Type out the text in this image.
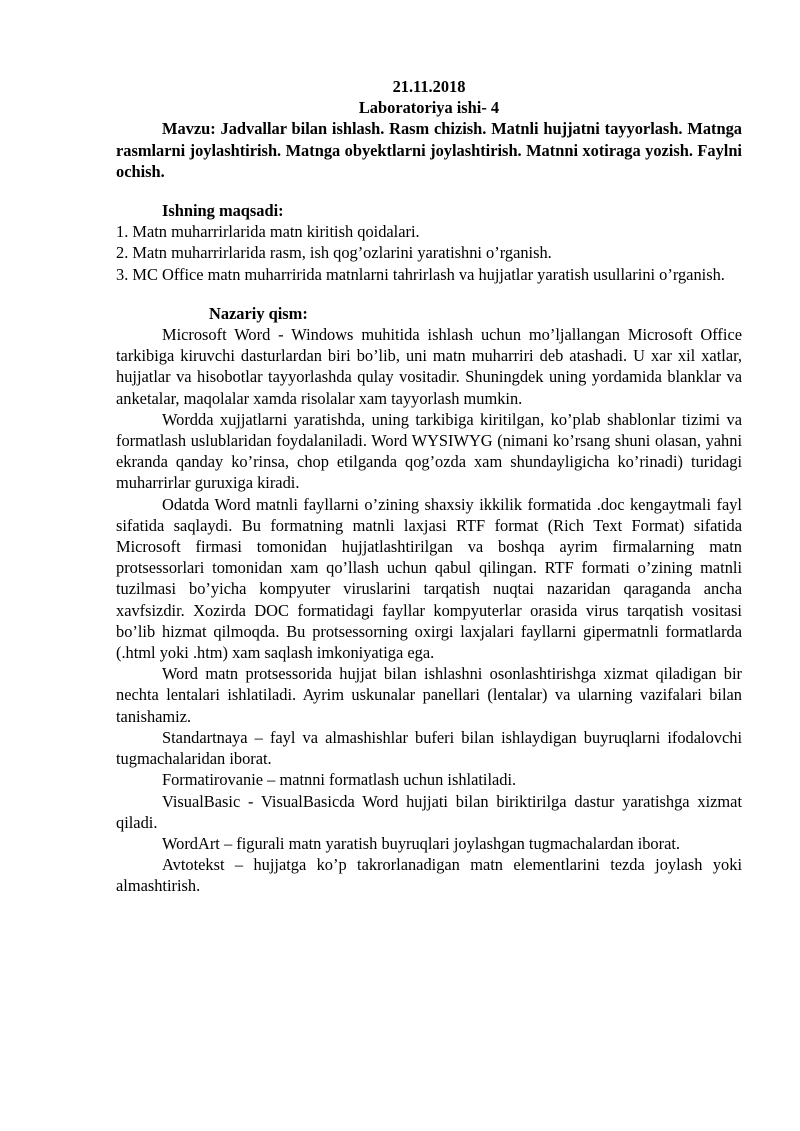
21.11.2018

Laboratoriya ishi- 4

Mavzu: Jadvallar bilan ishlash. Rasm chizish. Matnli hujjatni tayyorlash. Matnga rasmlarni joylashtirish. Matnga obyektlarni joylashtirish. Matnni xotiraga yozish. Faylni ochish.

Ishning maqsadi:

1. Matn muharrirlarida matn kiritish qoidalari.

2. Matn muharrirlarida rasm, ish qog’ozlarini yaratishni o’rganish.

3. MC Office matn muharririda matnlarni tahrirlash va hujjatlar yaratish usullarini o’rganish.

Nazariy qism:

Microsoft Word - Windows muhitida ishlash uchun mo’ljallangan Microsoft Office tarkibiga kiruvchi dasturlardan biri bo’lib, uni matn muharriri deb atashadi. U xar xil xatlar, hujjatlar va hisobotlar tayyorlashda qulay vositadir. Shuningdek uning yordamida blanklar va anketalar, maqolalar xamda risolalar xam tayyorlash mumkin.

Wordda xujjatlarni yaratishda, uning tarkibiga kiritilgan, ko’plab shablonlar tizimi va formatlash uslublaridan foydalaniladi. Word WYSIWYG (nimani ko’rsang shuni olasan, yahni ekranda qanday ko’rinsa, chop etilganda qog’ozda xam shundayligicha ko’rinadi) turidagi muharrirlar guruxiga kiradi.

Odatda Word matnli fayllarni o’zining shaxsiy ikkilik formatida .doc kengaytmali fayl sifatida saqlaydi. Bu formatning matnli laxjasi RTF format (Rich Text Format) sifatida Microsoft firmasi tomonidan hujjatlashtirilgan va boshqa ayrim firmalarning matn protsessorlari tomonidan xam qo’llash uchun qabul qilingan. RTF formati o’zining matnli tuzilmasi bo’yicha kompyuter viruslarini tarqatish nuqtai nazaridan qaraganda ancha xavfsizdir. Xozirda DOC formatidagi fayllar kompyuterlar orasida virus tarqatish vositasi bo’lib hizmat qilmoqda. Bu protsessorning oxirgi laxjalari fayllarni gipermatnli formatlarda (.html yoki .htm) xam saqlash imkoniyatiga ega.

Word matn protsessorida hujjat bilan ishlashni osonlashtirishga xizmat qiladigan bir nechta lentalari ishlatiladi. Ayrim uskunalar panellari (lentalar) va ularning vazifalari bilan tanishamiz.

Standartnaya – fayl va almashishlar buferi bilan ishlaydigan buyruqlarni ifodalovchi tugmachalaridan iborat.

Formatirovanie – matnni formatlash uchun ishlatiladi.

VisualBasic - VisualBasicda Word hujjati bilan biriktirilga dastur yaratishga xizmat qiladi.

WordArt – figurali matn yaratish buyruqlari joylashgan tugmachalardan iborat.

Avtotekst – hujjatga ko’p takrorlanadigan matn elementlarini tezda joylash yoki almashtirish.
